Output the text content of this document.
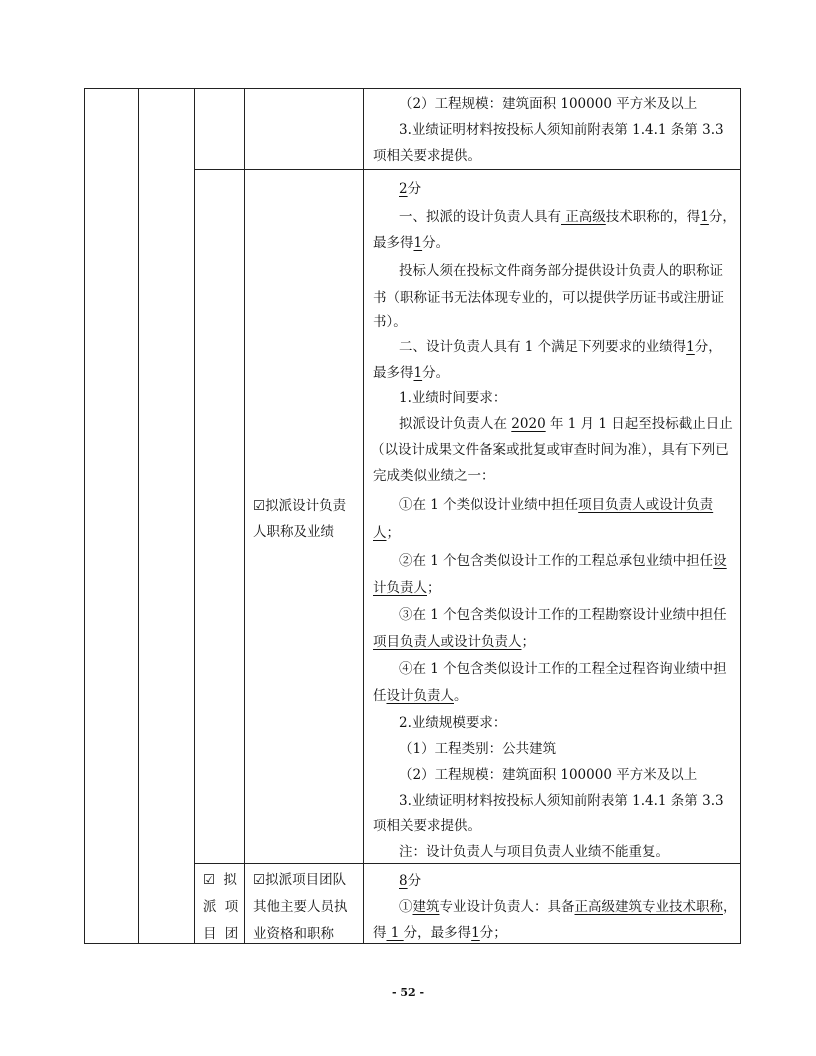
（2）工程规模：建筑面积 100000 平方米及以上
3.业绩证明材料按投标人须知前附表第 1.4.1 条第 3.3
项相关要求提供。
☑拟派设计负责
人职称及业绩
2分
一、拟派的设计负责人具有 正高级技术职称的，得1分，
最多得1分。
投标人须在投标文件商务部分提供设计负责人的职称证
书（职称证书无法体现专业的，可以提供学历证书或注册证
书）。
二、设计负责人具有 1 个满足下列要求的业绩得1分，
最多得1分。
1.业绩时间要求：
拟派设计负责人在 2020 年 1 月 1 日起至投标截止日止
（以设计成果文件备案或批复或审查时间为准），具有下列已
完成类似业绩之一：
①在 1 个类似设计业绩中担任项目负责人或设计负责
人；
②在 1 个包含类似设计工作的工程总承包业绩中担任设
计负责人；
③在 1 个包含类似设计工作的工程勘察设计业绩中担任
项目负责人或设计负责人；
④在 1 个包含类似设计工作的工程全过程咨询业绩中担
任设计负责人。
2.业绩规模要求：
（1）工程类别：公共建筑
（2）工程规模：建筑面积 100000 平方米及以上
3.业绩证明材料按投标人须知前附表第 1.4.1 条第 3.3
项相关要求提供。
注：设计负责人与项目负责人业绩不能重复。
☑ 拟
派 项
目 团
☑拟派项目团队
其他主要人员执
业资格和职称
8分
①建筑专业设计负责人：具备正高级建筑专业技术职称，
得 1 分，最多得1分；
- 52 -
